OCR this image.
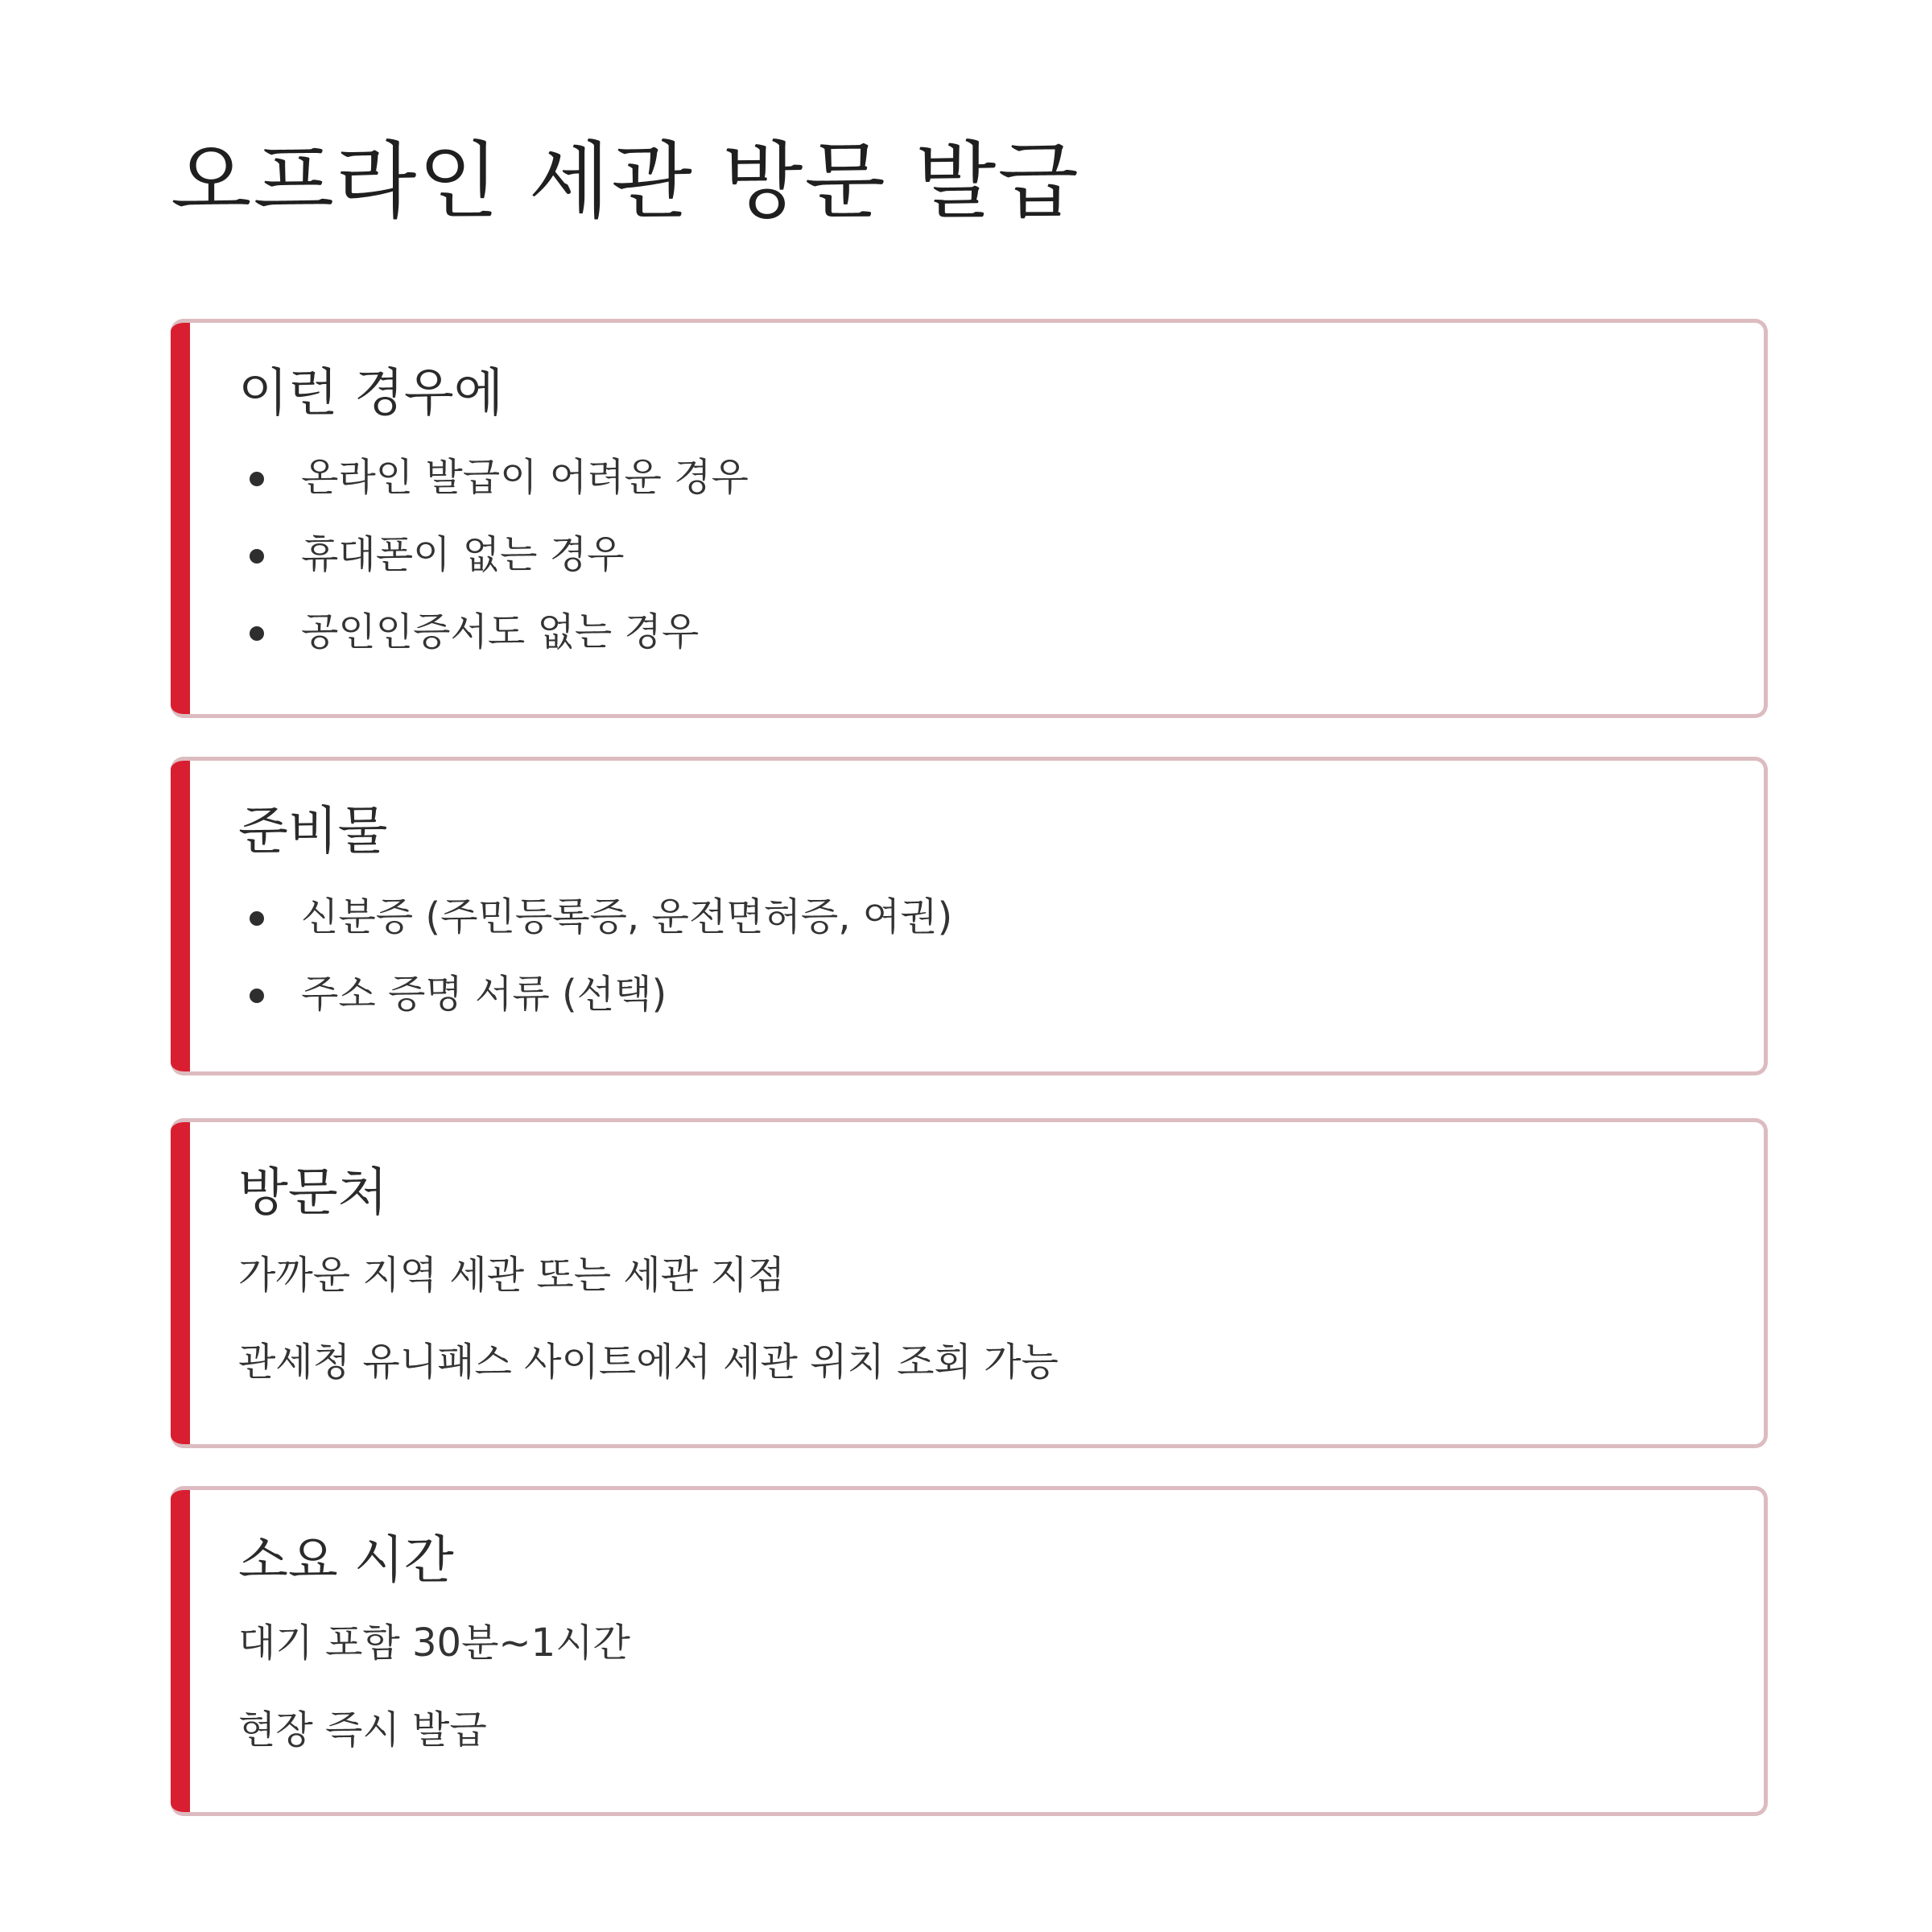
오프라인 세관 방문 발급
이런 경우에
온라인 발급이 어려운 경우
휴대폰이 없는 경우
공인인증서도 없는 경우
준비물
신분증 (주민등록증, 운전면허증, 여권)
주소 증명 서류 (선택)
방문처

가까운 지역 세관 또는 세관 지점

관세청 유니패스 사이트에서 세관 위치 조회 가능

소요 시간

대기 포함 30분~1시간

현장 즉시 발급
